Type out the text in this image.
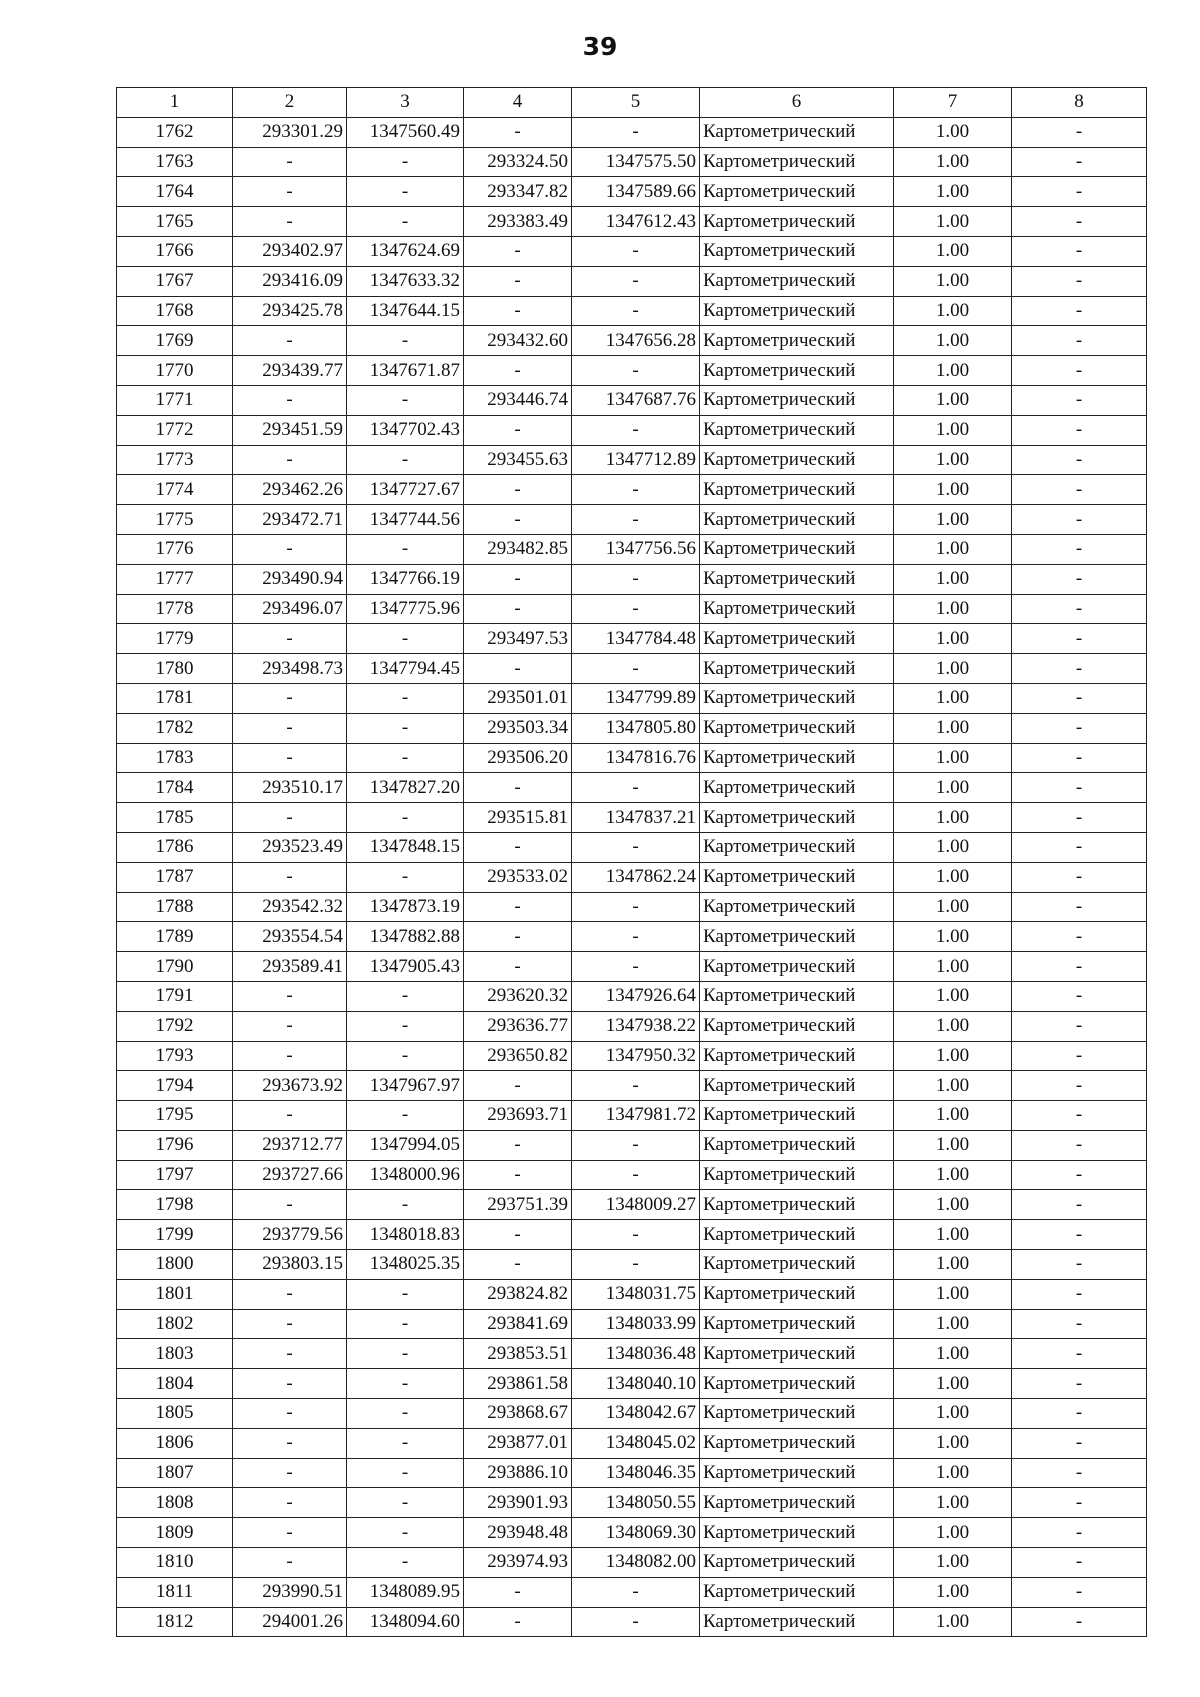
39
1	2	3	4	5	6	7	8
1762	293301.29	1347560.49	-	-	Картометрический	1.00	-
1763	-	-	293324.50	1347575.50	Картометрический	1.00	-
1764	-	-	293347.82	1347589.66	Картометрический	1.00	-
1765	-	-	293383.49	1347612.43	Картометрический	1.00	-
1766	293402.97	1347624.69	-	-	Картометрический	1.00	-
1767	293416.09	1347633.32	-	-	Картометрический	1.00	-
1768	293425.78	1347644.15	-	-	Картометрический	1.00	-
1769	-	-	293432.60	1347656.28	Картометрический	1.00	-
1770	293439.77	1347671.87	-	-	Картометрический	1.00	-
1771	-	-	293446.74	1347687.76	Картометрический	1.00	-
1772	293451.59	1347702.43	-	-	Картометрический	1.00	-
1773	-	-	293455.63	1347712.89	Картометрический	1.00	-
1774	293462.26	1347727.67	-	-	Картометрический	1.00	-
1775	293472.71	1347744.56	-	-	Картометрический	1.00	-
1776	-	-	293482.85	1347756.56	Картометрический	1.00	-
1777	293490.94	1347766.19	-	-	Картометрический	1.00	-
1778	293496.07	1347775.96	-	-	Картометрический	1.00	-
1779	-	-	293497.53	1347784.48	Картометрический	1.00	-
1780	293498.73	1347794.45	-	-	Картометрический	1.00	-
1781	-	-	293501.01	1347799.89	Картометрический	1.00	-
1782	-	-	293503.34	1347805.80	Картометрический	1.00	-
1783	-	-	293506.20	1347816.76	Картометрический	1.00	-
1784	293510.17	1347827.20	-	-	Картометрический	1.00	-
1785	-	-	293515.81	1347837.21	Картометрический	1.00	-
1786	293523.49	1347848.15	-	-	Картометрический	1.00	-
1787	-	-	293533.02	1347862.24	Картометрический	1.00	-
1788	293542.32	1347873.19	-	-	Картометрический	1.00	-
1789	293554.54	1347882.88	-	-	Картометрический	1.00	-
1790	293589.41	1347905.43	-	-	Картометрический	1.00	-
1791	-	-	293620.32	1347926.64	Картометрический	1.00	-
1792	-	-	293636.77	1347938.22	Картометрический	1.00	-
1793	-	-	293650.82	1347950.32	Картометрический	1.00	-
1794	293673.92	1347967.97	-	-	Картометрический	1.00	-
1795	-	-	293693.71	1347981.72	Картометрический	1.00	-
1796	293712.77	1347994.05	-	-	Картометрический	1.00	-
1797	293727.66	1348000.96	-	-	Картометрический	1.00	-
1798	-	-	293751.39	1348009.27	Картометрический	1.00	-
1799	293779.56	1348018.83	-	-	Картометрический	1.00	-
1800	293803.15	1348025.35	-	-	Картометрический	1.00	-
1801	-	-	293824.82	1348031.75	Картометрический	1.00	-
1802	-	-	293841.69	1348033.99	Картометрический	1.00	-
1803	-	-	293853.51	1348036.48	Картометрический	1.00	-
1804	-	-	293861.58	1348040.10	Картометрический	1.00	-
1805	-	-	293868.67	1348042.67	Картометрический	1.00	-
1806	-	-	293877.01	1348045.02	Картометрический	1.00	-
1807	-	-	293886.10	1348046.35	Картометрический	1.00	-
1808	-	-	293901.93	1348050.55	Картометрический	1.00	-
1809	-	-	293948.48	1348069.30	Картометрический	1.00	-
1810	-	-	293974.93	1348082.00	Картометрический	1.00	-
1811	293990.51	1348089.95	-	-	Картометрический	1.00	-
1812	294001.26	1348094.60	-	-	Картометрический	1.00	-
